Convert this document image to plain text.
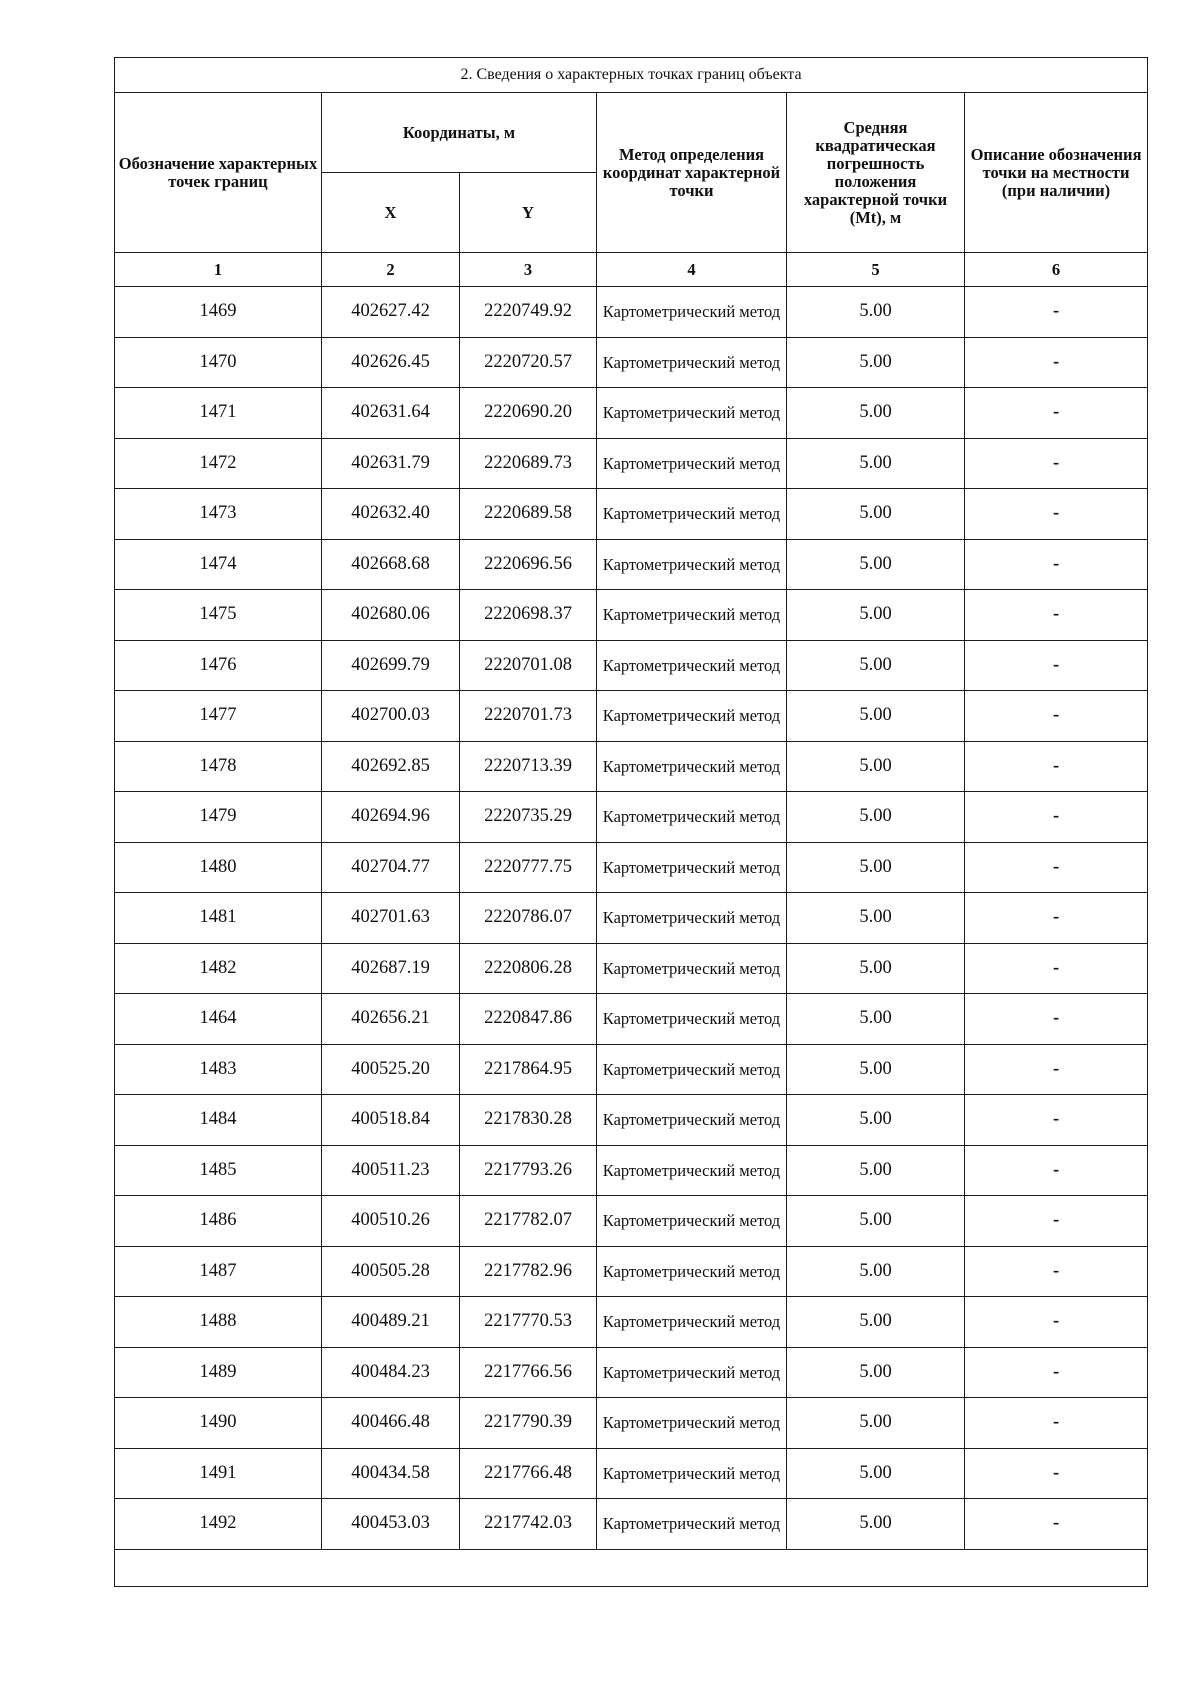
2. Сведения о характерных точках границ объекта					
Обозначение характерных точек границ	Координаты, м		Метод определения координат характерной точки	Средняя квадратическая погрешность положения характерной точки (Mt), м	Описание обозначения точки на местности (при наличии)
	X	Y			
1	2	3	4	5	6
1469	402627.42	2220749.92	Картометрический метод	5.00	-
1470	402626.45	2220720.57	Картометрический метод	5.00	-
1471	402631.64	2220690.20	Картометрический метод	5.00	-
1472	402631.79	2220689.73	Картометрический метод	5.00	-
1473	402632.40	2220689.58	Картометрический метод	5.00	-
1474	402668.68	2220696.56	Картометрический метод	5.00	-
1475	402680.06	2220698.37	Картометрический метод	5.00	-
1476	402699.79	2220701.08	Картометрический метод	5.00	-
1477	402700.03	2220701.73	Картометрический метод	5.00	-
1478	402692.85	2220713.39	Картометрический метод	5.00	-
1479	402694.96	2220735.29	Картометрический метод	5.00	-
1480	402704.77	2220777.75	Картометрический метод	5.00	-
1481	402701.63	2220786.07	Картометрический метод	5.00	-
1482	402687.19	2220806.28	Картометрический метод	5.00	-
1464	402656.21	2220847.86	Картометрический метод	5.00	-
1483	400525.20	2217864.95	Картометрический метод	5.00	-
1484	400518.84	2217830.28	Картометрический метод	5.00	-
1485	400511.23	2217793.26	Картометрический метод	5.00	-
1486	400510.26	2217782.07	Картометрический метод	5.00	-
1487	400505.28	2217782.96	Картометрический метод	5.00	-
1488	400489.21	2217770.53	Картометрический метод	5.00	-
1489	400484.23	2217766.56	Картометрический метод	5.00	-
1490	400466.48	2217790.39	Картометрический метод	5.00	-
1491	400434.58	2217766.48	Картометрический метод	5.00	-
1492	400453.03	2217742.03	Картометрический метод	5.00	-
